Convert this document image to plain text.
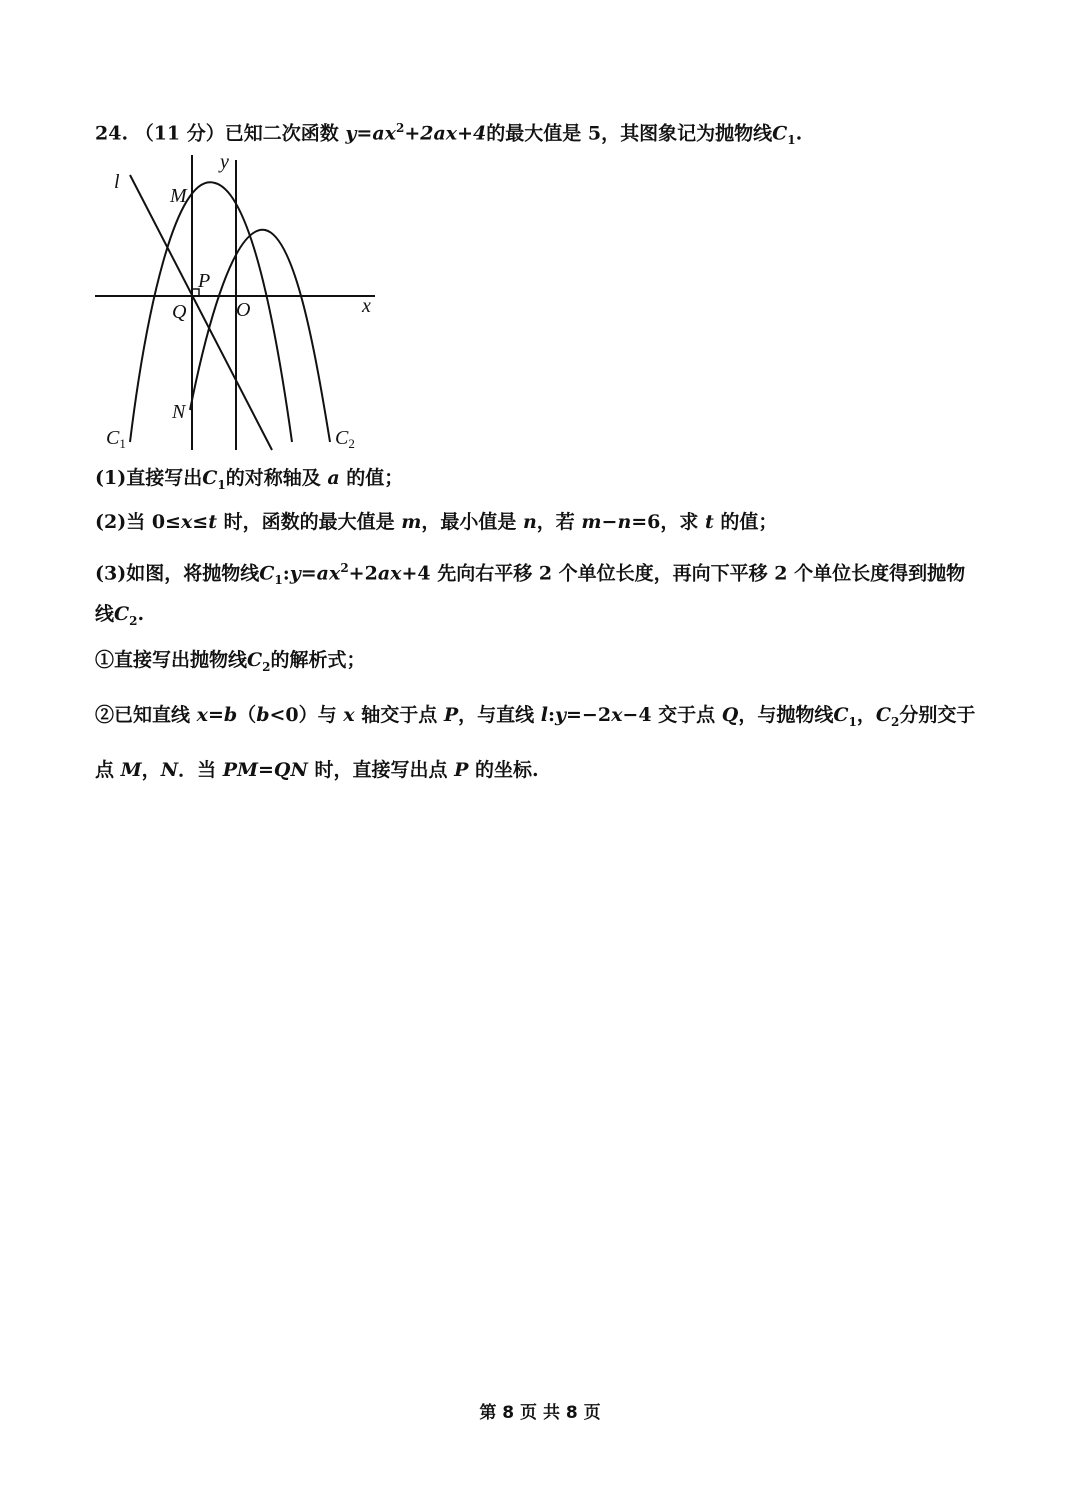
24. （11 分）已知二次函数 $y=ax^2+2ax+4$的最大值是 5，其图象记为抛物线$C_1$.
y
x
l
M
P
Q O
N
$C_1$	$C_2$
(1)直接写出$C_1$的对称轴及 a 的值；
(2)当 0≤x≤t 时，函数的最大值是 m，最小值是 n，若 m−n=6，求 t 的值；
(3)如图，将抛物线$C_1:y=ax^2+2ax+4$ 先向右平移 2 个单位长度，再向下平移 2 个单位长度得到抛物
线$C_2$.
①直接写出抛物线$C_2$的解析式；
②已知直线 x=b（b<0）与 x 轴交于点 P，与直线 l:y=−2x−4 交于点 Q，与抛物线$C_1$，$C_2$分别交于
点 M，N．当 PM=QN 时，直接写出点 P 的坐标.
第 8 页 共 8 页
